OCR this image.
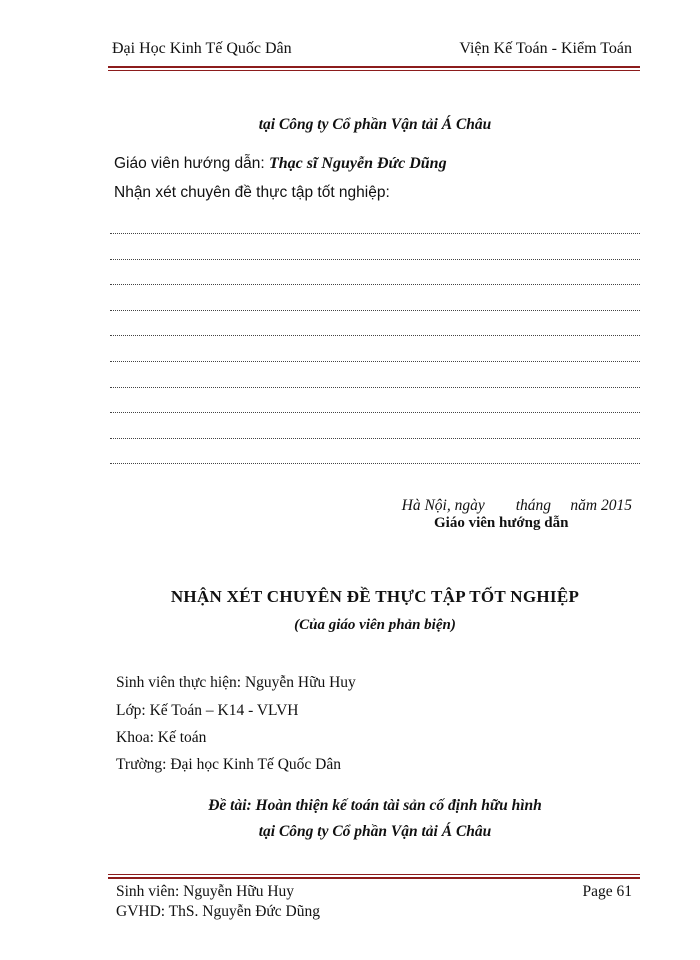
Đại Học Kinh Tế Quốc Dân	Viện Kế Toán - Kiểm Toán
tại Công ty Cổ phần Vận tải Á Châu
Giáo viên hướng dẫn: Thạc sĩ Nguyễn Đức Dũng
Nhận xét chuyên đề thực tập tốt nghiệp:
Hà Nội, ngày tháng năm 2015
Giáo viên hướng dẫn
NHẬN XÉT CHUYÊN ĐỀ THỰC TẬP TỐT NGHIỆP
(Của giáo viên phản biện)
Sinh viên thực hiện: Nguyễn Hữu Huy
Lớp: Kế Toán – K14 - VLVH
Khoa: Kế toán
Trường: Đại học Kinh Tế Quốc Dân
Đề tài: Hoàn thiện kế toán tài sản cố định hữu hình
tại Công ty Cổ phần Vận tải Á Châu
Sinh viên: Nguyễn Hữu Huy
GVHD: ThS. Nguyễn Đức Dũng
Page 61
